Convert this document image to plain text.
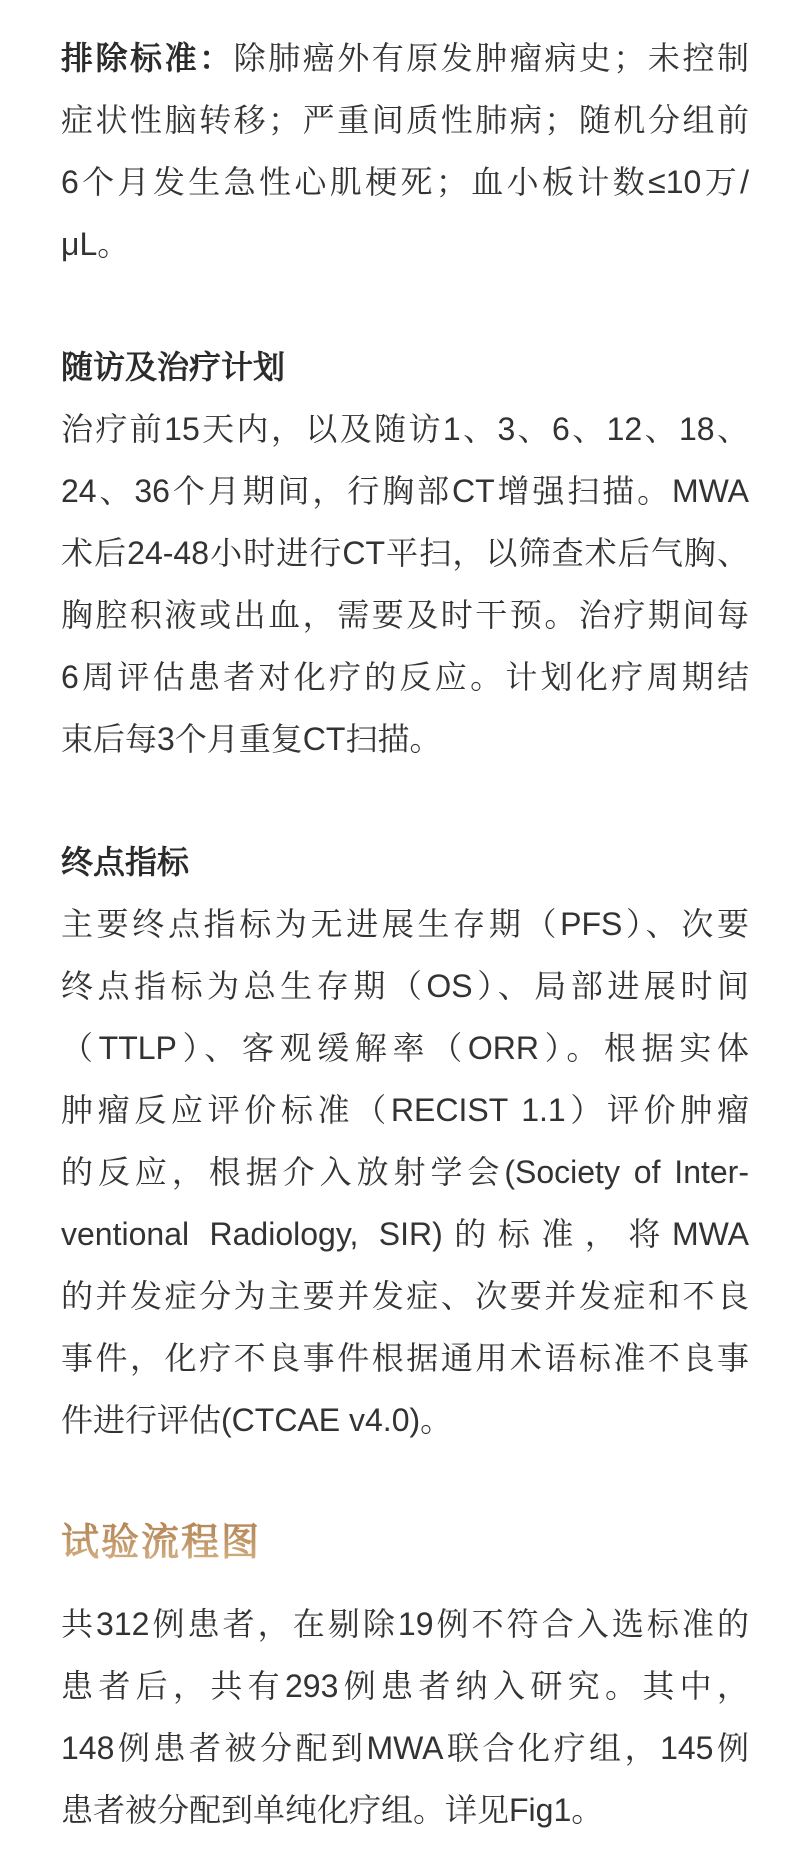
排除标准：除肺癌外有原发肿瘤病史；未控制
症状性脑转移；严重间质性肺病；随机分组前
6个月发生急性心肌梗死；血小板计数≤10万/μL。
随访及治疗计划
治疗前15天内，以及随访1、3、6、12、18、
24、36个月期间，行胸部CT增强扫描。MWA
术后24-48小时进行CT平扫，以筛查术后气胸、
胸腔积液或出血，需要及时干预。治疗期间每
6周评估患者对化疗的反应。计划化疗周期结
束后每3个月重复CT扫描。
终点指标
主要终点指标为无进展生存期（PFS）、次要
终点指标为总生存期（OS）、局部进展时间
（TTLP）、客观缓解率（ORR）。根据实体
肿瘤反应评价标准（RECIST 1.1）评价肿瘤
的反应，根据介入放射学会(Society of Inter-
ventional Radiology, SIR)的标准，将MWA
的并发症分为主要并发症、次要并发症和不良
事件，化疗不良事件根据通用术语标准不良事
件进行评估(CTCAE v4.0)。
试验流程图
共312例患者，在剔除19例不符合入选标准的
患者后，共有293例患者纳入研究。其中，
148例患者被分配到MWA联合化疗组，145例
患者被分配到单纯化疗组。详见Fig1。
